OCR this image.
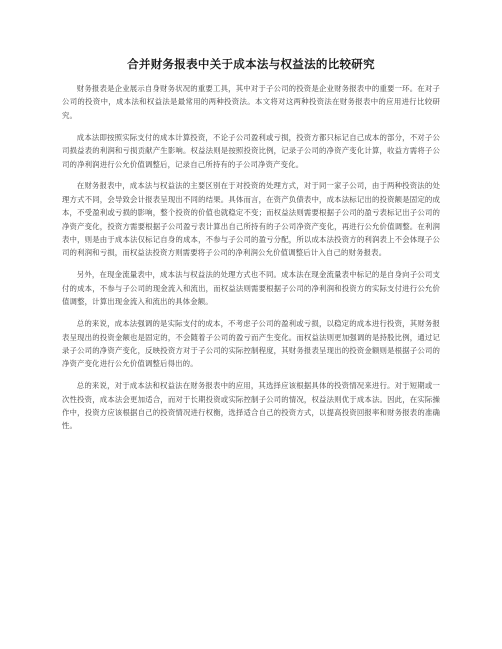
合并财务报表中关于成本法与权益法的比较研究

财务报表是企业展示自身财务状况的重要工具，其中对于子公司的投资是企业财务报表中的重要一环。在对子公司的投资中，成本法和权益法是最常用的两种投资法。本文将对这两种投资法在财务报表中的应用进行比较研究。

成本法即按照实际支付的成本计算投资，不论子公司盈利或亏损，投资方都只标记自己成本的部分，不对子公司损益表的利润和亏损贡献产生影响。权益法则是按照投资比例，记录子公司的净资产变化计算，收益方需将子公司的净利润进行公允价值调整后，记录自己所持有的子公司净资产变化。

在财务报表中，成本法与权益法的主要区别在于对投资的处理方式，对于同一家子公司，由于两种投资法的处理方式不同，会导致会计报表呈现出不同的结果。具体而言，在资产负债表中，成本法标记出的投资额是固定的成本，不受盈利或亏损的影响，整个投资的价值也就稳定不变；而权益法则需要根据子公司的盈亏表标记出子公司的净资产变化，投资方需要根据子公司盈亏表计算出自己所持有的子公司净资产变化，再进行公允价值调整。在利润表中，则是由于成本法仅标记自身的成本，不参与子公司的盈亏分配，所以成本法投资方的利润表上不会体现子公司的利润和亏损，而权益法投资方则需要将子公司的净利润公允价值调整后计入自己的财务报表。

另外，在现金流量表中，成本法与权益法的处理方式也不同。成本法在现金流量表中标记的是自身向子公司支付的成本，不参与子公司的现金流入和流出，而权益法则需要根据子公司的净利润和投资方的实际支付进行公允价值调整，计算出现金流入和流出的具体金额。

总的来说，成本法强调的是实际支付的成本，不考虑子公司的盈利或亏损，以稳定的成本进行投资，其财务报表呈现出的投资金额也是固定的，不会随着子公司的盈亏而产生变化。而权益法则更加强调的是持股比例，通过记录子公司的净资产变化，反映投资方对于子公司的实际控制程度，其财务报表呈现出的投资金额则是根据子公司的净资产变化进行公允价值调整后得出的。

总的来说，对于成本法和权益法在财务报表中的应用，其选择应该根据具体的投资情况来进行。对于短期或一次性投资，成本法会更加适合，而对于长期投资或实际控制子公司的情况，权益法则优于成本法。因此，在实际操作中，投资方应该根据自己的投资情况进行权衡，选择适合自己的投资方式，以提高投资回报率和财务报表的准确性。
